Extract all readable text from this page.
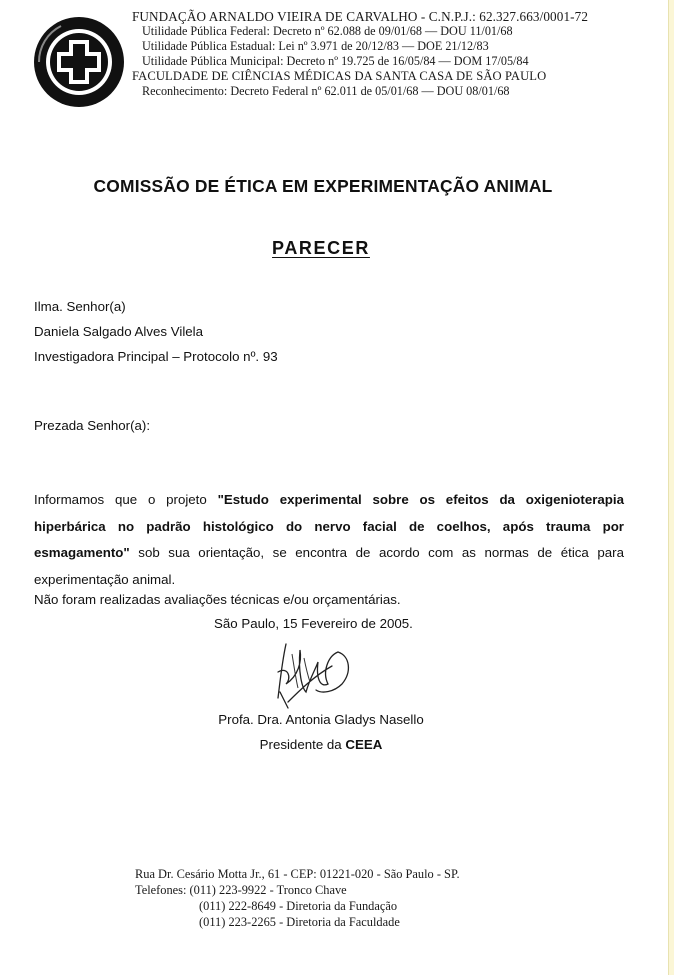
FUNDAÇÃO ARNALDO VIEIRA DE CARVALHO - C.N.P.J.: 62.327.663/0001-72
Utilidade Pública Federal: Decreto nº 62.088 de 09/01/68 — DOU 11/01/68
Utilidade Pública Estadual: Lei nº 3.971 de 20/12/83 — DOE 21/12/83
Utilidade Pública Municipal: Decreto nº 19.725 de 16/05/84 — DOM 17/05/84
FACULDADE DE CIÊNCIAS MÉDICAS DA SANTA CASA DE SÃO PAULO
Reconhecimento: Decreto Federal nº 62.011 de 05/01/68 — DOU 08/01/68
COMISSÃO DE ÉTICA EM EXPERIMENTAÇÃO ANIMAL
PARECER
Ilma. Senhor(a)
Daniela Salgado Alves Vilela
Investigadora Principal – Protocolo nº. 93
Prezada Senhor(a):
Informamos que o projeto "Estudo experimental sobre os efeitos da oxigenioterapia hiperbárica no padrão histológico do nervo facial de coelhos, após trauma por esmagamento" sob sua orientação, se encontra de acordo com as normas de ética para experimentação animal.
Não foram realizadas avaliações técnicas e/ou orçamentárias.
São Paulo, 15 Fevereiro de 2005.
Profa. Dra. Antonia Gladys Nasello
Presidente da CEEA
Rua Dr. Cesário Motta Jr., 61 - CEP: 01221-020 - São Paulo - SP.
Telefones: (011) 223-9922 - Tronco Chave
(011) 222-8649 - Diretoria da Fundação
(011) 223-2265 - Diretoria da Faculdade
